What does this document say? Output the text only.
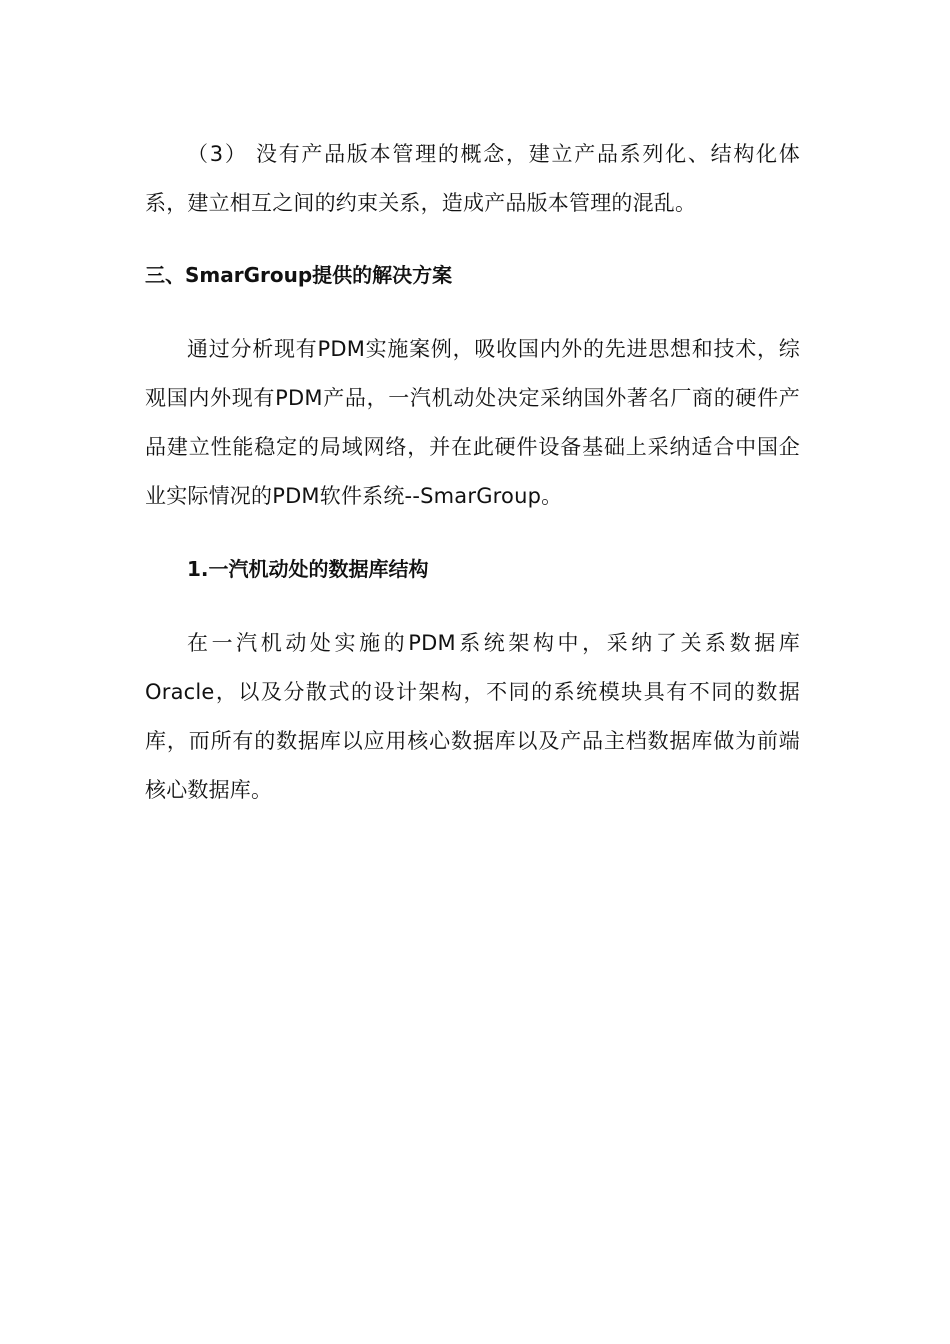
（3） 没有产品版本管理的概念，建立产品系列化、结构化体系，建立相互之间的约束关系，造成产品版本管理的混乱。

三、SmarGroup提供的解决方案

通过分析现有PDM实施案例，吸收国内外的先进思想和技术，综观国内外现有PDM产品，一汽机动处决定采纳国外著名厂商的硬件产品建立性能稳定的局域网络，并在此硬件设备基础上采纳适合中国企业实际情况的PDM软件系统--SmarGroup。

1.一汽机动处的数据库结构

在一汽机动处实施的PDM系统架构中，采纳了关系数据库Oracle，以及分散式的设计架构，不同的系统模块具有不同的数据库，而所有的数据库以应用核心数据库以及产品主档数据库做为前端核心数据库。
